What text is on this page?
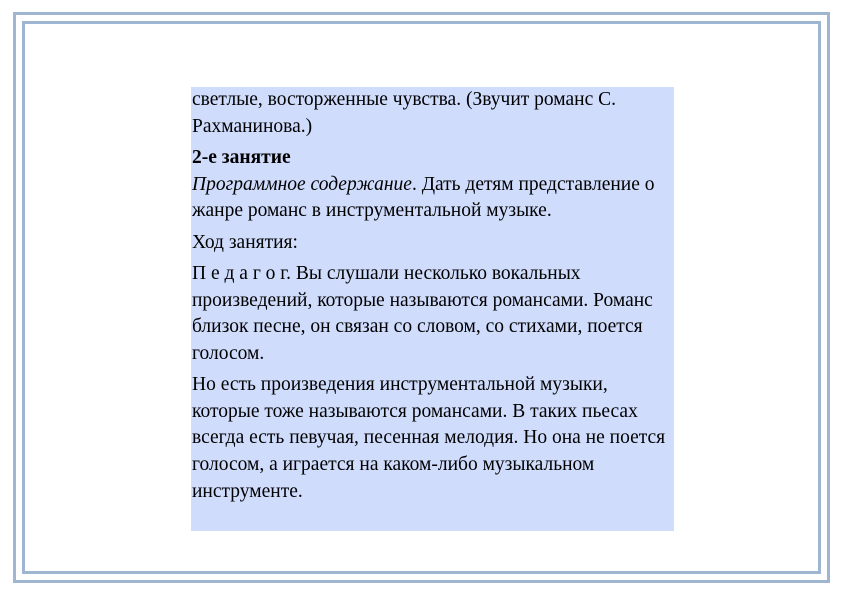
светлые, восторженные чувства. (Звучит романс С. Рахманинова.)

2-е занятие

Программное содержание. Дать детям представление о жанре романс в инструментальной музыке.

Ход занятия:

П е д а г о г. Вы слушали несколько вокальных произведений, которые называются романсами. Романс близок песне, он связан со словом, со стихами, поется голосом.

Но есть произведения инструментальной музыки, которые тоже называются романсами. В таких пьесах всегда есть певучая, песенная мелодия. Но она не поется голосом, а играется на каком-либо музыкальном инструменте.
